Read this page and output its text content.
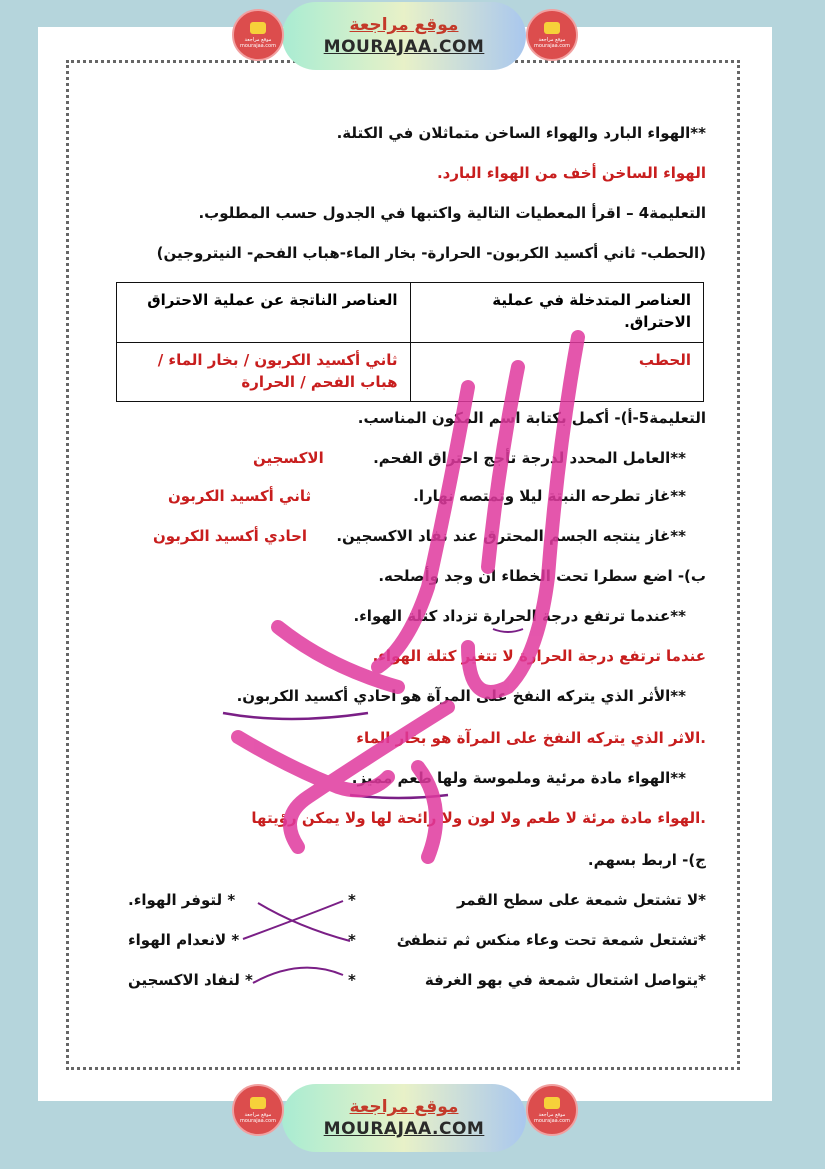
موقع مراجعة
MOURAJAA.COM
موقع مراجعة mourajaa.com
موقع مراجعة mourajaa.com
**الهواء البارد والهواء الساخن متماثلان في الكتلة.
الهواء الساخن أخف من الهواء البارد.
التعليمة4 – اقرأ المعطيات التالية واكتبها في الجدول حسب المطلوب.
(الحطب- ثاني أكسيد الكربون- الحرارة- بخار الماء-هباب الفحم- النيتروجين)
العناصر المتدخلة في عملية الاحتراق.	العناصر الناتجة عن عملية الاحتراق
الحطب	ثاني أكسيد الكربون / بخار الماء / هباب الفحم / الحرارة
التعليمة5-أ)- أكمل بكتابة اسم المكون المناسب.
**العامل المحدد لدرجة تأجج احتراق الفحم.
الاكسجين
**غاز تطرحه النبتة ليلا وتمتصه نهارا.
ثاني أكسيد الكربون
**غاز ينتجه الجسم المحترق عند نفاد الاكسجين.
احادي أكسيد الكربون
ب)- اضع سطرا تحت الخطاء ان وجد وأصلحه.
**عندما ترتفع درجة الحرارة تزداد كتلة الهواء.
عندما ترتفع درجة الحرارة لا تتغير كتلة الهواء.
**الأثر الذي يتركه النفخ على المرآة هو احادي أكسيد الكربون.
.الاثر الذي يتركه النفخ على المرآة هو بخار الماء
**الهواء مادة مرئية وملموسة ولها طعم مميز.
.الهواء مادة مرئة لا طعم ولا لون ولا رائحة لها ولا يمكن رؤيتها
ج)- اربط بسهم.
*لا تشتعل شمعة على سطح القمر
*تشتعل شمعة تحت وعاء منكس ثم تنطفئ
*يتواصل اشتعال شمعة في بهو الغرفة
*
*
*
* لتوفر الهواء.
* لانعدام الهواء
* لنفاد الاكسجين
موقع مراجعة
MOURAJAA.COM
موقع مراجعة mourajaa.com
موقع مراجعة mourajaa.com
